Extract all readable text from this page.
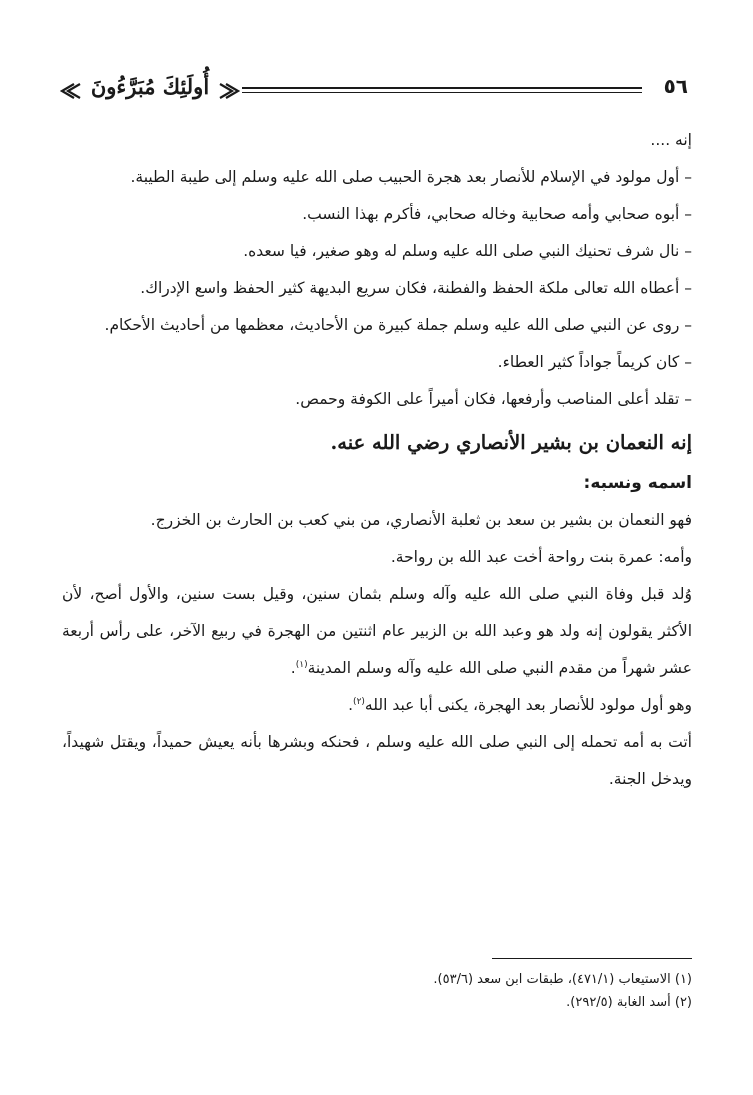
أُولَئِكَ مُبَرَّءُونَ	٥٦

إنه ....

– أول مولود في الإسلام للأنصار بعد هجرة الحبيب صلى الله عليه وسلم إلى طيبة الطيبة.

– أبوه صحابي وأمه صحابية وخاله صحابي، فأكرم بهذا النسب.

– نال شرف تحنيك النبي صلى الله عليه وسلم له وهو صغير، فيا سعده.

– أعطاه الله تعالى ملكة الحفظ والفطنة، فكان سريع البديهة كثير الحفظ واسع الإدراك.

– روى عن النبي صلى الله عليه وسلم جملة كبيرة من الأحاديث، معظمها من أحاديث الأحكام.

– كان كريماً جواداً كثير العطاء.

– تقلد أعلى المناصب وأرفعها، فكان أميراً على الكوفة وحمص.

إنه النعمان بن بشير الأنصاري رضي الله عنه.

اسمه ونسبه:

فهو النعمان بن بشير بن سعد بن ثعلبة الأنصاري، من بني كعب بن الحارث بن الخزرج.

وأمه: عمرة بنت رواحة أخت عبد الله بن رواحة.

وُلد قبل وفاة النبي صلى الله عليه وآله وسلم بثمان سنين، وقيل بست سنين، والأول أصح، لأن الأكثر يقولون إنه ولد هو وعبد الله بن الزبير عام اثنتين من الهجرة في ربيع الآخر، على رأس أربعة عشر شهراً من مقدم النبي صلى الله عليه وآله وسلم المدينة$^{(١)}$.

وهو أول مولود للأنصار بعد الهجرة، يكنى أبا عبد الله$^{(٢)}$.

أتت به أمه تحمله إلى النبي صلى الله عليه وسلم ، فحنكه وبشرها بأنه يعيش حميداً، ويقتل شهيداً، ويدخل الجنة.

(١) الاستيعاب (٤٧١/١)، طبقات ابن سعد (٥٣/٦).

(٢) أسد الغابة (٢٩٢/٥).
